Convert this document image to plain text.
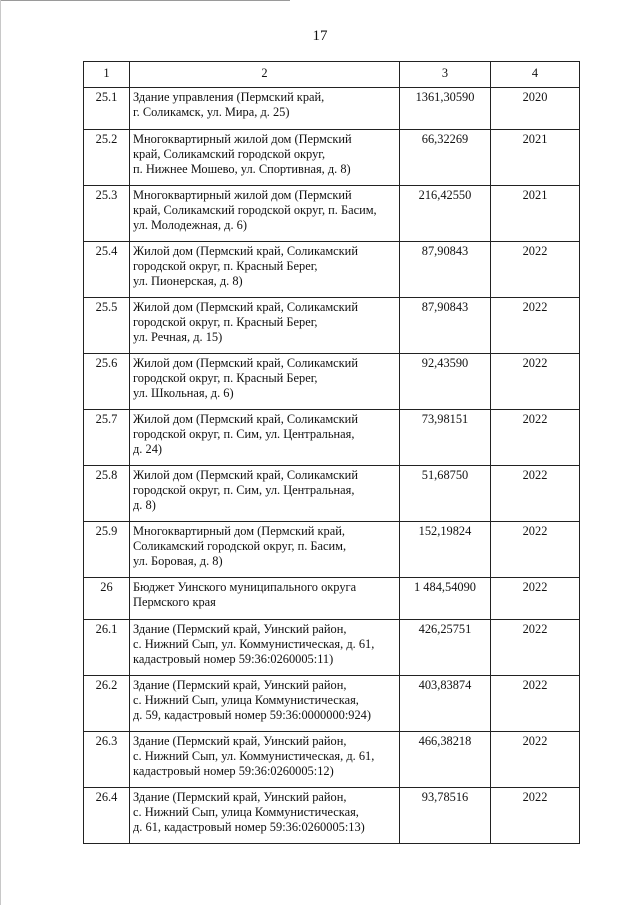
17
1	2	3	4
25.1	Здание управления (Пермский край,
г. Соликамск, ул. Мира, д. 25)	1361,30590	2020
25.2	Многоквартирный жилой дом (Пермский
край, Соликамский городской округ,
п. Нижнее Мошево, ул. Спортивная, д. 8)	66,32269	2021
25.3	Многоквартирный жилой дом (Пермский
край, Соликамский городской округ, п. Басим,
ул. Молодежная, д. 6)	216,42550	2021
25.4	Жилой дом (Пермский край, Соликамский
городской округ, п. Красный Берег,
ул. Пионерская, д. 8)	87,90843	2022
25.5	Жилой дом (Пермский край, Соликамский
городской округ, п. Красный Берег,
ул. Речная, д. 15)	87,90843	2022
25.6	Жилой дом (Пермский край, Соликамский
городской округ, п. Красный Берег,
ул. Школьная, д. 6)	92,43590	2022
25.7	Жилой дом (Пермский край, Соликамский
городской округ, п. Сим, ул. Центральная,
д. 24)	73,98151	2022
25.8	Жилой дом (Пермский край, Соликамский
городской округ, п. Сим, ул. Центральная,
д. 8)	51,68750	2022
25.9	Многоквартирный дом (Пермский край,
Соликамский городской округ, п. Басим,
ул. Боровая, д. 8)	152,19824	2022
26	Бюджет Уинского муниципального округа
Пермского края	1 484,54090	2022
26.1	Здание (Пермский край, Уинский район,
с. Нижний Сып, ул. Коммунистическая, д. 61,
кадастровый номер 59:36:0260005:11)	426,25751	2022
26.2	Здание (Пермский край, Уинский район,
с. Нижний Сып, улица Коммунистическая,
д. 59, кадастровый номер 59:36:0000000:924)	403,83874	2022
26.3	Здание (Пермский край, Уинский район,
с. Нижний Сып, ул. Коммунистическая, д. 61,
кадастровый номер 59:36:0260005:12)	466,38218	2022
26.4	Здание (Пермский край, Уинский район,
с. Нижний Сып, улица Коммунистическая,
д. 61, кадастровый номер 59:36:0260005:13)	93,78516	2022
